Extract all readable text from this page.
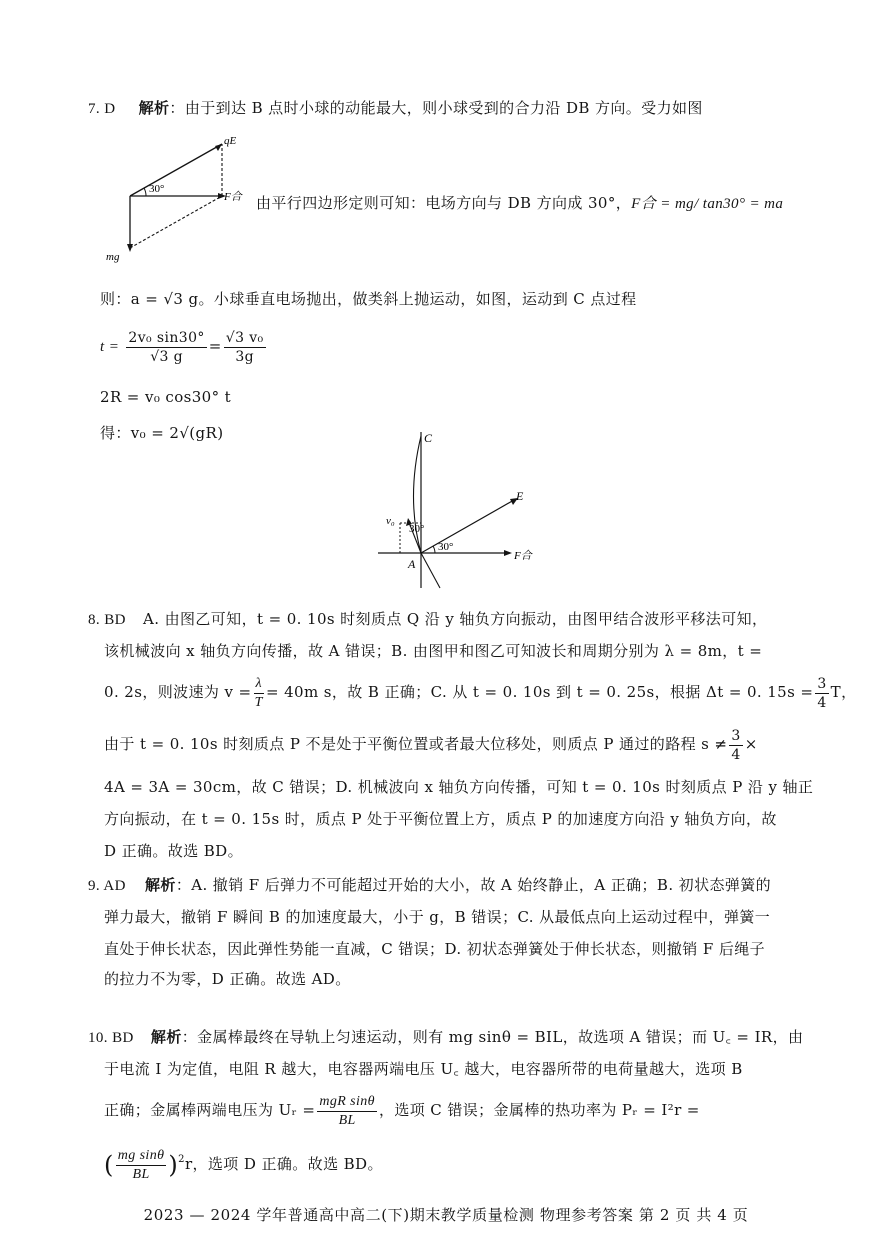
7. D 解析：由于到达 B 点时小球的动能最大，则小球受到的合力沿 DB 方向。受力如图
qE
30°
F合
mg
由平行四边形定则可知：电场方向与 DB 方向成 30°，F合 = mg/ tan30° = ma
则：a = √3 g。小球垂直电场抛出，做类斜上抛运动，如图，运动到 C 点过程
$t = \frac{\text{2v₀ sin30°}}{√3 g} = \frac{\text{√3 v₀}}{3g}$
2R = v₀ cos30° t
得：v₀ = 2√(gR)	C
E
v₀
30°
30°
A
F合
8. BD A. 由图乙可知，t = 0. 10s 时刻质点 Q 沿 y 轴负方向振动，由图甲结合波形平移法可知，
该机械波向 x 轴负方向传播，故 A 错误；B. 由图甲和图乙可知波长和周期分别为 λ = 8m，t =
0. 2s，则波速为 $v = \frac{\lambda}{T} = 40m$ s，故 B 正确；C. 从 t = 0. 10s 到 t = 0. 25s，根据 Δt = 0. $15s = \frac{3}{4}$ T，
由于 t = 0. 10s 时刻质点 P 不是处于平衡位置或者最大位移处，则质点 P 通过的路程 $s \ne \frac{3}{4}$ ×
4A = 3A = 30cm，故 C 错误；D. 机械波向 x 轴负方向传播，可知 t = 0. 10s 时刻质点 P 沿 y 轴正
方向振动，在 t = 0. 15s 时，质点 P 处于平衡位置上方，质点 P 的加速度方向沿 y 轴负方向，故
D 正确。故选 BD。
9. AD 解析：A. 撤销 F 后弹力不可能超过开始的大小，故 A 始终静止，A 正确；B. 初状态弹簧的
弹力最大，撤销 F 瞬间 B 的加速度最大，小于 g，B 错误；C. 从最低点向上运动过程中，弹簧一
直处于伸长状态，因此弹性势能一直减，C 错误；D. 初状态弹簧处于伸长状态，则撤销 F 后绳子
的拉力不为零，D 正确。故选 AD。
10. BD 解析：金属棒最终在导轨上匀速运动，则有 mg sinθ = BIL，故选项 A 错误；而 U꜀ = IR，由
于电流 I 为定值，电阻 R 越大，电容器两端电压 U꜀ 越大，电容器所带的电荷量越大，选项 B
正确；金属棒两端电压为 Uᵣ = $\frac{\text{mgR sinθ}}{BL}$ ，选项 C 错误；金属棒的热功率为 Pᵣ = I²r =
( $\frac{\text{mg sinθ}}{BL} )^2r$，选项 D 正确。故选 BD。
2023 — 2024 学年普通高中高二(下)期末教学质量检测 物理参考答案 第 2 页 共 4 页
